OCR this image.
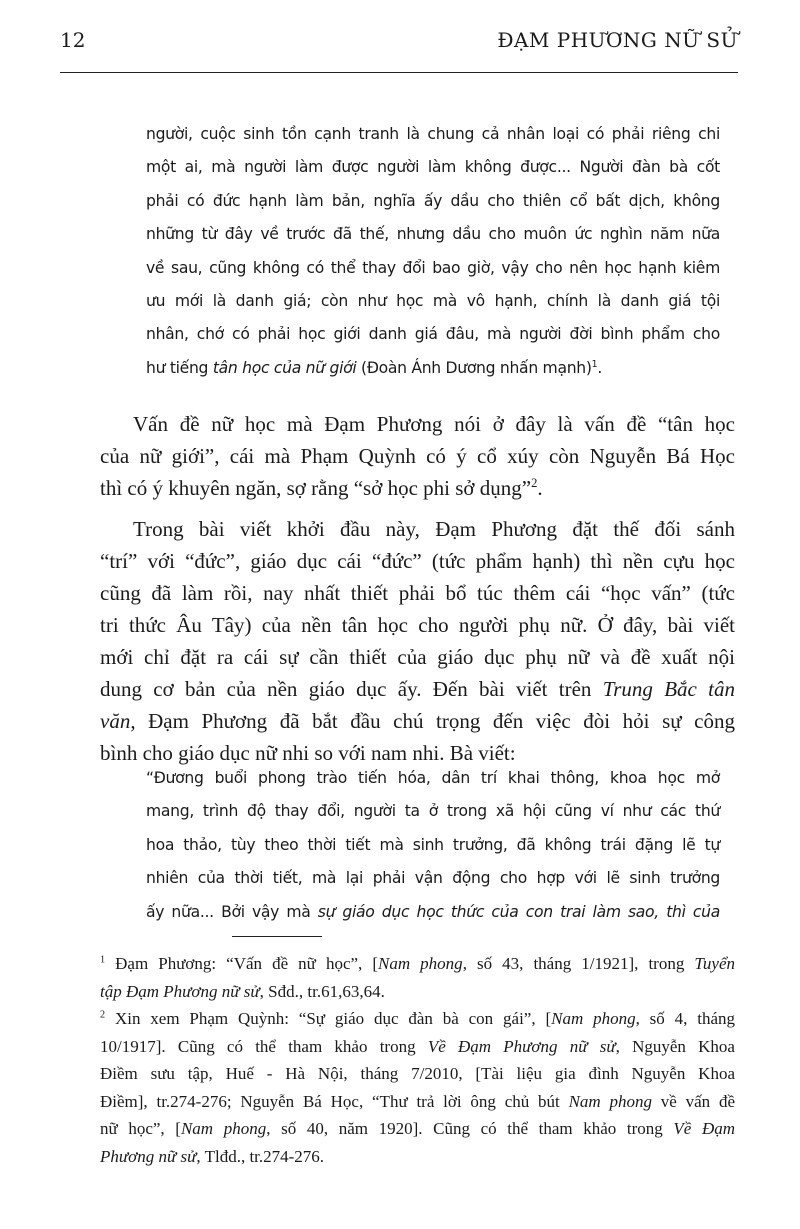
12	ĐẠM PHƯƠNG NỮ SỬ
người, cuộc sinh tồn cạnh tranh là chung cả nhân loại có phải riêng chi
một ai, mà người làm được người làm không được... Người đàn bà cốt
phải có đức hạnh làm bản, nghĩa ấy dầu cho thiên cổ bất dịch, không
những từ đây về trước đã thế, nhưng dầu cho muôn ức nghìn năm nữa
về sau, cũng không có thể thay đổi bao giờ, vậy cho nên học hạnh kiêm
ưu mới là danh giá; còn như học mà vô hạnh, chính là danh giá tội
nhân, chớ có phải học giới danh giá đâu, mà người đời bình phẩm cho
hư tiếng tân học của nữ giới (Đoàn Ánh Dương nhấn mạnh)$^1$.
Vấn đề nữ học mà Đạm Phương nói ở đây là vấn đề “tân học
của nữ giới”, cái mà Phạm Quỳnh có ý cổ xúy còn Nguyễn Bá Học
thì có ý khuyên ngăn, sợ rằng “sở học phi sở dụng”$^2$.
Trong bài viết khởi đầu này, Đạm Phương đặt thế đối sánh
“trí” với “đức”, giáo dục cái “đức” (tức phẩm hạnh) thì nền cựu học
cũng đã làm rồi, nay nhất thiết phải bổ túc thêm cái “học vấn” (tức
tri thức Âu Tây) của nền tân học cho người phụ nữ. Ở đây, bài viết
mới chỉ đặt ra cái sự cần thiết của giáo dục phụ nữ và đề xuất nội
dung cơ bản của nền giáo dục ấy. Đến bài viết trên Trung Bắc tân
văn, Đạm Phương đã bắt đầu chú trọng đến việc đòi hỏi sự công
bình cho giáo dục nữ nhi so với nam nhi. Bà viết:
“Đương buổi phong trào tiến hóa, dân trí khai thông, khoa học mở
mang, trình độ thay đổi, người ta ở trong xã hội cũng ví như các thứ
hoa thảo, tùy theo thời tiết mà sinh trưởng, đã không trái đặng lẽ tự
nhiên của thời tiết, mà lại phải vận động cho hợp với lẽ sinh trưởng
ấy nữa... Bởi vậy mà sự giáo dục học thức của con trai làm sao, thì của
$^1$ Đạm Phương: “Vấn đề nữ học”, [Nam phong, số 43, tháng 1/1921], trong Tuyển
tập Đạm Phương nữ sử, Sđd., tr.61,63,64.
$^2$ Xin xem Phạm Quỳnh: “Sự giáo dục đàn bà con gái”, [Nam phong, số 4, tháng
10/1917]. Cũng có thể tham khảo trong Về Đạm Phương nữ sử, Nguyễn Khoa
Điềm sưu tập, Huế - Hà Nội, tháng 7/2010, [Tài liệu gia đình Nguyễn Khoa
Điềm], tr.274-276; Nguyễn Bá Học, “Thư trả lời ông chủ bút Nam phong về vấn đề
nữ học”, [Nam phong, số 40, năm 1920]. Cũng có thể tham khảo trong Về Đạm
Phương nữ sử, Tlđd., tr.274-276.
